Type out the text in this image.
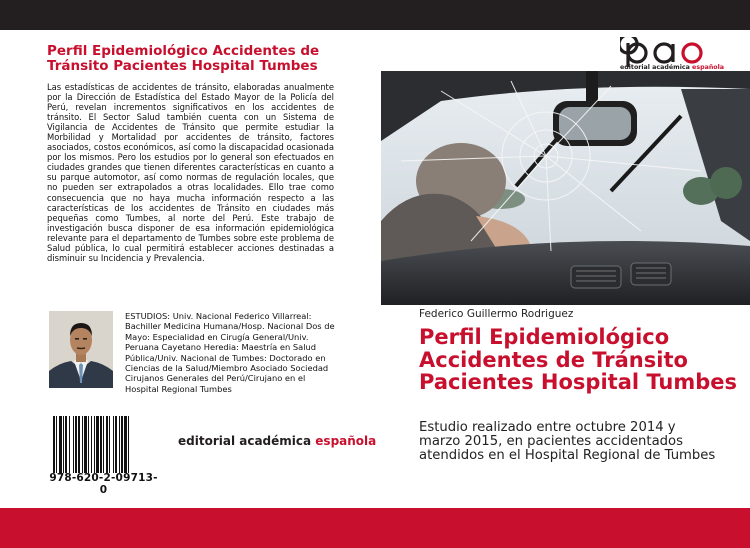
Perfil Epidemiológico Accidentes de Tránsito Pacientes Hospital Tumbes

Las estadísticas de accidentes de tránsito, elaboradas anualmente por la Dirección de Estadística del Estado Mayor de la Policía del Perú, revelan incrementos significativos en los accidentes de tránsito. El Sector Salud también cuenta con un Sistema de Vigilancia de Accidentes de Tránsito que permite estudiar la Morbilidad y Mortalidad por accidentes de tránsito, factores asociados, costos económicos, así como la discapacidad ocasionada por los mismos. Pero los estudios por lo general son efectuados en ciudades grandes que tienen diferentes características en cuanto a su parque automotor, así como normas de regulación locales, que no pueden ser extrapolados a otras localidades. Ello trae como consecuencia que no haya mucha información respecto a las características de los accidentes de Tránsito en ciudades más pequeñas como Tumbes, al norte del Perú. Este trabajo de investigación busca disponer de esa información epidemiológica relevante para el departamento de Tumbes sobre este problema de Salud pública, lo cual permitirá establecer acciones destinadas a disminuir su Incidencia y Prevalencia.

ESTUDIOS: Univ. Nacional Federico Villarreal: Bachiller Medicina Humana/Hosp. Nacional Dos de Mayo: Especialidad en Cirugía General/Univ. Peruana Cayetano Heredia: Maestría en Salud Pública/Univ. Nacional de Tumbes: Doctorado en Ciencias de la Salud/Miembro Asociado Sociedad Cirujanos Generales del Perú/Cirujano en el Hospital Regional Tumbes

978-620-2-09713-0
editorial académica española
editorial académica española
Federico Guillermo Rodriguez
Perfil Epidemiológico Accidentes de Tránsito Pacientes Hospital Tumbes

Estudio realizado entre octubre 2014 y marzo 2015, en pacientes accidentados atendidos en el Hospital Regional de Tumbes
